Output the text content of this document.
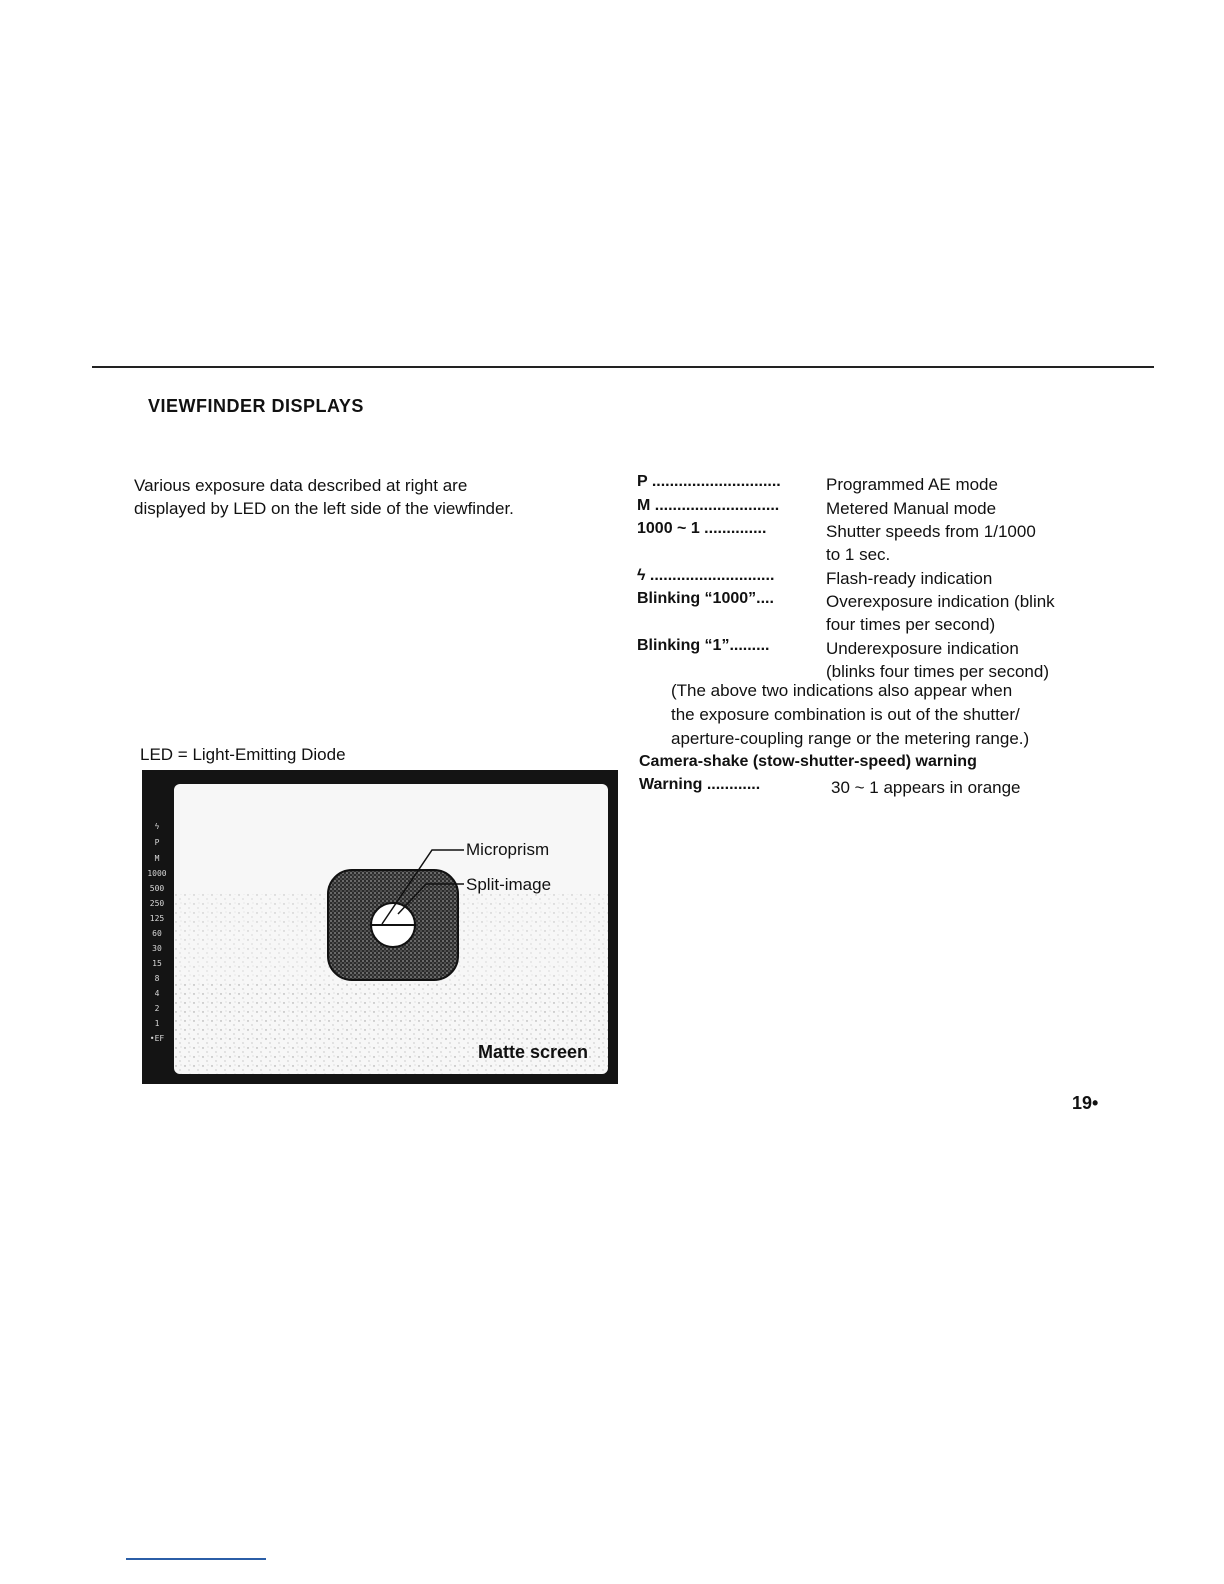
VIEWFINDER DISPLAYS
Various exposure data described at right are
displayed by LED on the left side of the viewfinder.
LED = Light-Emitting Diode
ϟ
P
M
1000
500
250
125
60
30
15
8
4
2
1
•EF
Microprism
Split-image
Matte screen
P .............................	Programmed AE mode
M ............................	Metered Manual mode
1000 ~ 1 ..............	Shutter speeds from 1/1000
to 1 sec.
ϟ ............................	Flash-ready indication
Blinking “1000”....	Overexposure indication (blink
four times per second)
Blinking “1”.........	Underexposure indication
(blinks four times per second)
(The above two indications also appear when
the exposure combination is out of the shutter/
aperture-coupling range or the metering range.)
Camera-shake (stow-shutter-speed) warning
Warning ............	30 ~ 1 appears in orange
19•
